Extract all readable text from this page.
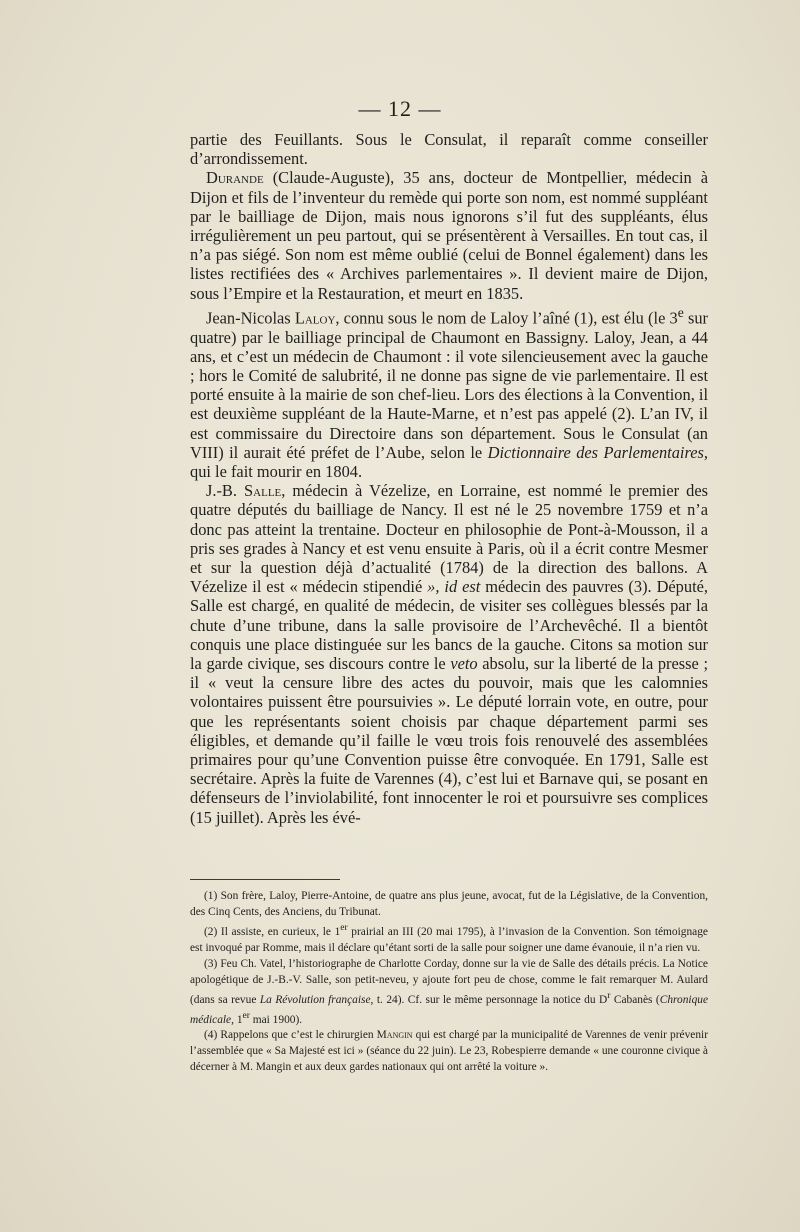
— 12 —

partie des Feuillants. Sous le Consulat, il reparaît comme conseiller d’arrondissement.

Durande (Claude-Auguste), 35 ans, docteur de Montpellier, médecin à Dijon et fils de l’inventeur du remède qui porte son nom, est nommé suppléant par le bailliage de Dijon, mais nous ignorons s’il fut des suppléants, élus irrégulièrement un peu partout, qui se présentèrent à Versailles. En tout cas, il n’a pas siégé. Son nom est même oublié (celui de Bonnel également) dans les listes rectifiées des « Archives parlementaires ». Il devient maire de Dijon, sous l’Empire et la Restauration, et meurt en 1835.

Jean-Nicolas Laloy, connu sous le nom de Laloy l’aîné (1), est élu (le 3e sur quatre) par le bailliage principal de Chaumont en Bassigny. Laloy, Jean, a 44 ans, et c’est un médecin de Chaumont : il vote silencieusement avec la gauche ; hors le Comité de salubrité, il ne donne pas signe de vie parlementaire. Il est porté ensuite à la mairie de son chef-lieu. Lors des élections à la Convention, il est deuxième suppléant de la Haute-Marne, et n’est pas appelé (2). L’an IV, il est commissaire du Directoire dans son département. Sous le Consulat (an VIII) il aurait été préfet de l’Aube, selon le Dictionnaire des Parlementaires, qui le fait mourir en 1804.

J.-B. Salle, médecin à Vézelize, en Lorraine, est nommé le premier des quatre députés du bailliage de Nancy. Il est né le 25 novembre 1759 et n’a donc pas atteint la trentaine. Docteur en philosophie de Pont-à-Mousson, il a pris ses grades à Nancy et est venu ensuite à Paris, où il a écrit contre Mesmer et sur la question déjà d’actualité (1784) de la direction des ballons. A Vézelize il est « médecin stipendié », id est médecin des pauvres (3). Député, Salle est chargé, en qualité de médecin, de visiter ses collègues blessés par la chute d’une tribune, dans la salle provisoire de l’Archevêché. Il a bientôt conquis une place distinguée sur les bancs de la gauche. Citons sa motion sur la garde civique, ses discours contre le veto absolu, sur la liberté de la presse ; il « veut la censure libre des actes du pouvoir, mais que les calomnies volontaires puissent être poursuivies ». Le député lorrain vote, en outre, pour que les représentants soient choisis par chaque département parmi ses éligibles, et demande qu’il faille le vœu trois fois renouvelé des assemblées primaires pour qu’une Convention puisse être convoquée. En 1791, Salle est secrétaire. Après la fuite de Varennes (4), c’est lui et Barnave qui, se posant en défenseurs de l’inviolabilité, font innocenter le roi et poursuivre ses complices (15 juillet). Après les évé-

(1) Son frère, Laloy, Pierre-Antoine, de quatre ans plus jeune, avocat, fut de la Législative, de la Convention, des Cinq Cents, des Anciens, du Tribunat.

(2) Il assiste, en curieux, le 1er prairial an III (20 mai 1795), à l’invasion de la Convention. Son témoignage est invoqué par Romme, mais il déclare qu’étant sorti de la salle pour soigner une dame évanouie, il n’a rien vu.

(3) Feu Ch. Vatel, l’historiographe de Charlotte Corday, donne sur la vie de Salle des détails précis. La Notice apologétique de J.-B.-V. Salle, son petit-neveu, y ajoute fort peu de chose, comme le fait remarquer M. Aulard (dans sa revue La Révolution française, t. 24). Cf. sur le même personnage la notice du $D^r$ Cabanès (Chronique médicale, 1er mai 1900).

(4) Rappelons que c’est le chirurgien Mangin qui est chargé par la municipalité de Varennes de venir prévenir l’assemblée que « Sa Majesté est ici » (séance du 22 juin). Le 23, Robespierre demande « une couronne civique à décerner à M. Mangin et aux deux gardes nationaux qui ont arrêté la voiture ».
